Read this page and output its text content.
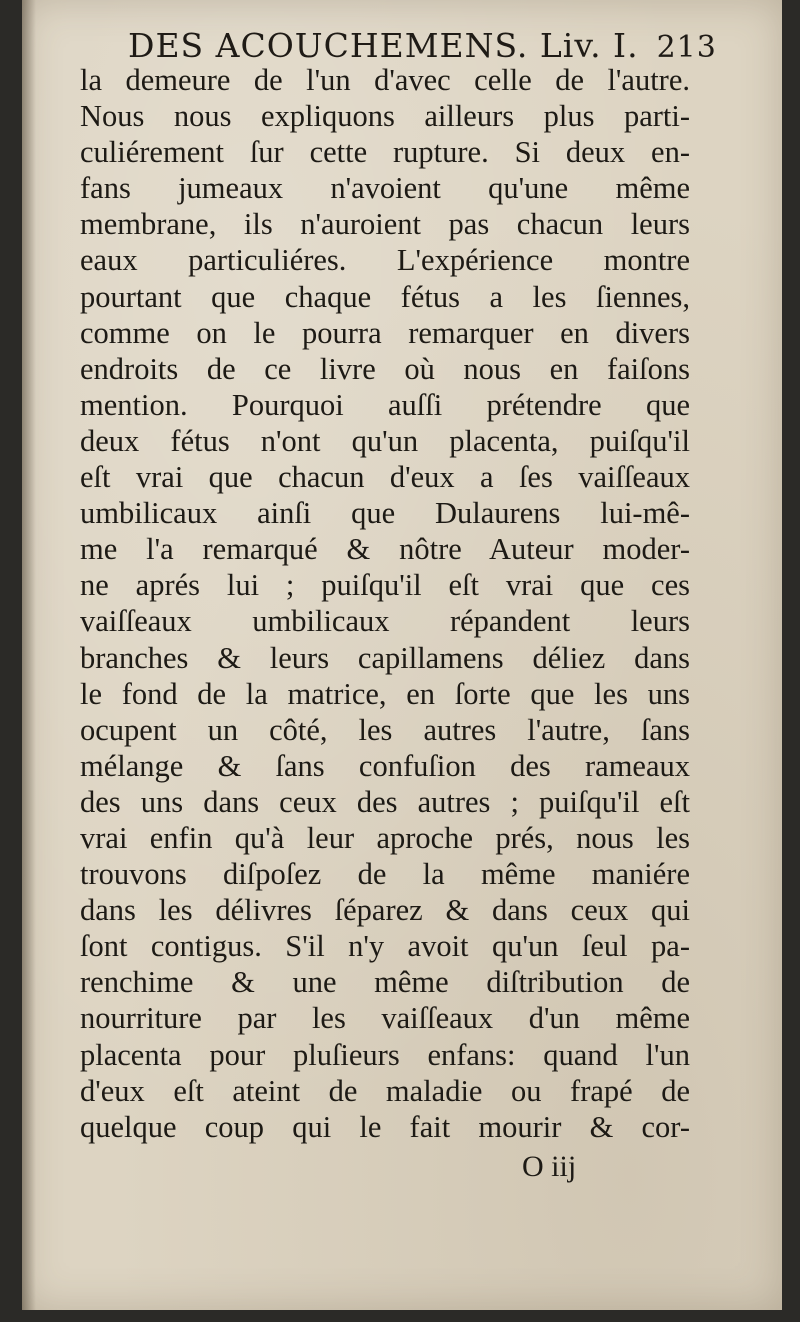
DES ACOUCHEMENS. Liv. I. 213
la demeure de l'un d'avec celle de l'autre.
Nous nous expliquons ailleurs plus parti-
culiérement ſur cette rupture. Si deux en-
fans jumeaux n'avoient qu'une même
membrane, ils n'auroient pas chacun leurs
eaux particuliéres. L'expérience montre
pourtant que chaque fétus a les ſiennes,
comme on le pourra remarquer en divers
endroits de ce livre où nous en faiſons
mention. Pourquoi auſſi prétendre que
deux fétus n'ont qu'un placenta, puiſqu'il
eſt vrai que chacun d'eux a ſes vaiſſeaux
umbilicaux ainſi que Dulaurens lui-mê-
me l'a remarqué & nôtre Auteur moder-
ne aprés lui ; puiſqu'il eſt vrai que ces
vaiſſeaux umbilicaux répandent leurs
branches & leurs capillamens déliez dans
le fond de la matrice, en ſorte que les uns
ocupent un côté, les autres l'autre, ſans
mélange & ſans confuſion des rameaux
des uns dans ceux des autres ; puiſqu'il eſt
vrai enfin qu'à leur aproche prés, nous les
trouvons diſpoſez de la même maniére
dans les délivres ſéparez & dans ceux qui
ſont contigus. S'il n'y avoit qu'un ſeul pa-
renchime & une même diſtribution de
nourriture par les vaiſſeaux d'un même
placenta pour pluſieurs enfans: quand l'un
d'eux eſt ateint de maladie ou frapé de
quelque coup qui le fait mourir & cor-
O iij
